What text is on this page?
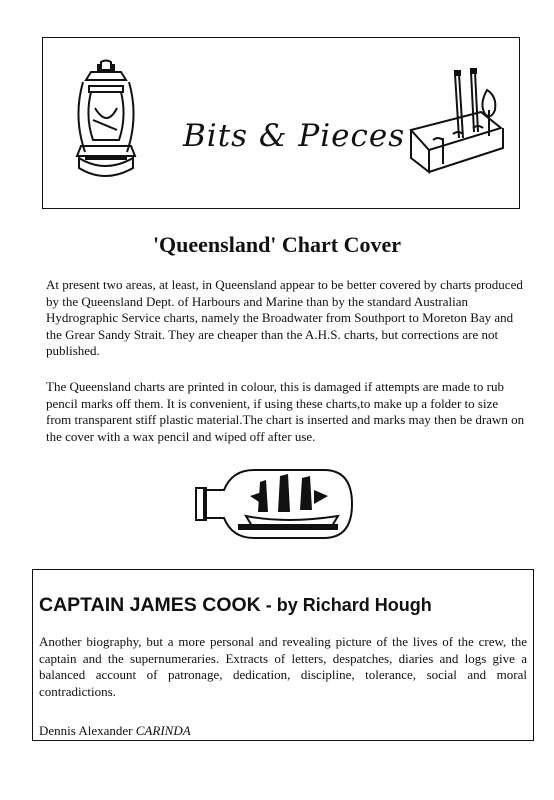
Bits & Pieces
'Queensland' Chart Cover

At present two areas, at least, in Queensland appear to be better covered by charts produced by the Queensland Dept. of Harbours and Marine than by the standard Australian Hydrographic Service charts, namely the Broadwater from Southport to Moreton Bay and the Grear Sandy Strait. They are cheaper than the A.H.S. charts, but corrections are not published.

The Queensland charts are printed in colour, this is damaged if attempts are made to rub pencil marks off them. It is convenient, if using these charts,to make up a folder to size from transparent stiff plastic material.The chart is inserted and marks may then be drawn on the cover with a wax pencil and wiped off after use.

CAPTAIN JAMES COOK - by Richard Hough

Another biography, but a more personal and revealing picture of the lives of the crew, the captain and the supernumeraries. Extracts of letters, despatches, diaries and logs give a balanced account of patronage, dedication, discipline, tolerance, social and moral contradictions.

Dennis Alexander CARINDA
